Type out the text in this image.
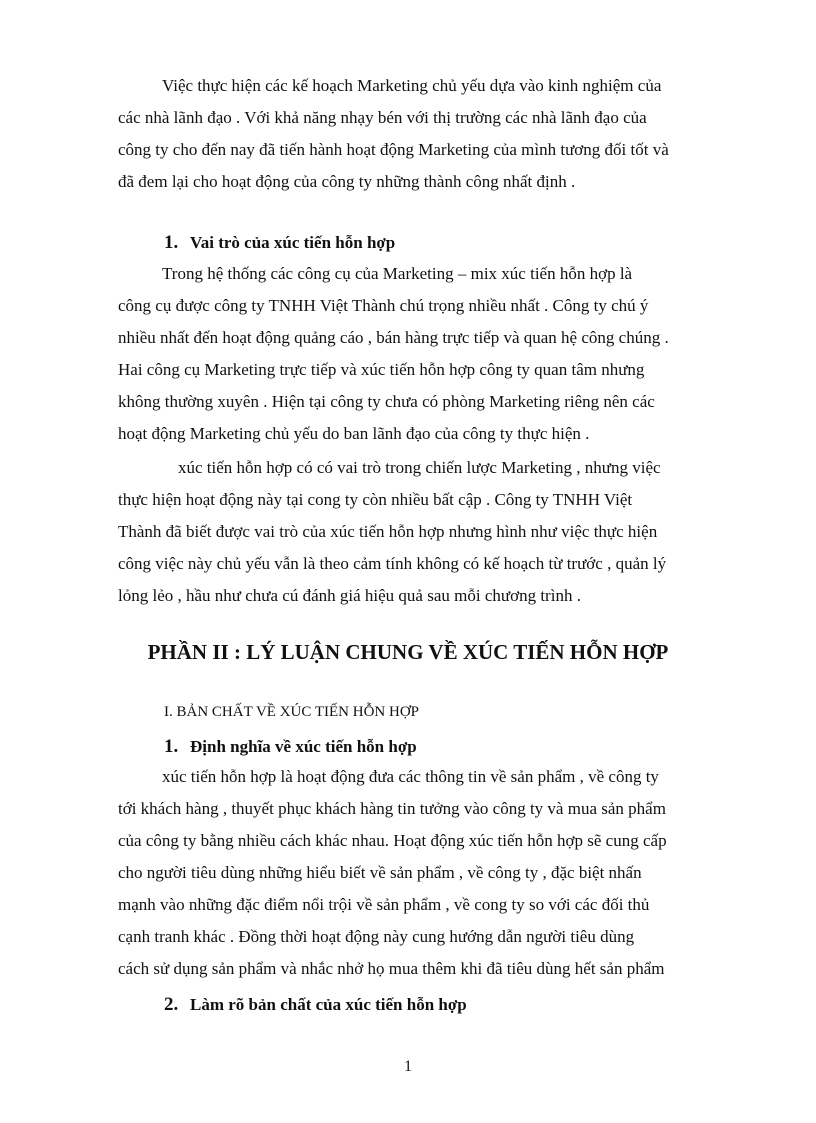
Việc thực hiện các kế hoạch Marketing chủ yếu dựa vào kinh nghiệm của

các nhà lãnh đạo . Với khả năng nhạy bén với thị trường các nhà lãnh đạo của

công ty cho đến nay đã tiến hành hoạt động Marketing của mình tương đối tốt và

đã đem lại cho hoạt động của công ty những thành công nhất định .

1. Vai trò của xúc tiến hỗn hợp

Trong hệ thống các công cụ của Marketing – mix xúc tiến hỗn hợp là

công cụ được công ty TNHH Việt Thành chú trọng nhiều nhất . Công ty chú ý

nhiều nhất đến hoạt động quảng cáo , bán hàng trực tiếp và quan hệ công chúng .

Hai công cụ Marketing trực tiếp và xúc tiến hỗn hợp công ty quan tâm nhưng

không thường xuyên . Hiện tại công ty chưa có phòng Marketing riêng nên các

hoạt động Marketing chủ yếu do ban lãnh đạo của công ty thực hiện .

xúc tiến hỗn hợp có có vai trò trong chiến lược Marketing , nhưng việc

thực hiện hoạt động này tại cong ty còn nhiều bất cập . Công ty TNHH Việt

Thành đã biết được vai trò của xúc tiến hỗn hợp nhưng hình như việc thực hiện

công việc này chủ yếu vẫn là theo cảm tính không có kế hoạch từ trước , quản lý

lỏng lẻo , hầu như chưa cú đánh giá hiệu quả sau mỗi chương trình .

PHẦN II : LÝ LUẬN CHUNG VỀ XÚC TIẾN HỖN HỢP
I. BẢN CHẤT VỀ XÚC TIẾN HỖN HỢP
1. Định nghĩa về xúc tiến hỗn hợp

xúc tiến hỗn hợp là hoạt động đưa các thông tin về sản phẩm , về công ty

tới khách hàng , thuyết phục khách hàng tin tưởng vào công ty và mua sản phẩm

của công ty bằng nhiều cách khác nhau. Hoạt động xúc tiến hỗn hợp sẽ cung cấp

cho người tiêu dùng những hiểu biết về sản phẩm , về công ty , đặc biệt nhấn

mạnh vào những đặc điểm nổi trội về sản phẩm , về cong ty so với các đối thủ

cạnh tranh khác . Đồng thời hoạt động này cung hướng dẫn người tiêu dùng

cách sử dụng sản phẩm và nhắc nhở họ mua thêm khi đã tiêu dùng hết sản phẩm

2. Làm rõ bản chất của xúc tiến hỗn hợp
1
